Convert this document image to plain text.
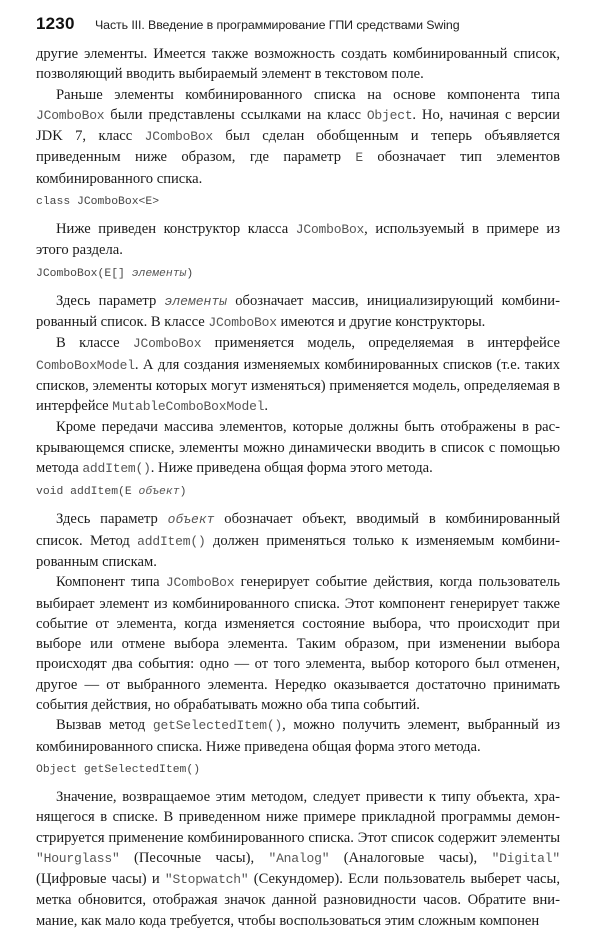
1230	Часть III. Введение в программирование ГПИ средствами Swing

другие элементы. Имеется также возможность создать комбинированный список, позволяющий вводить выбираемый элемент в текстовом поле.

Раньше элементы комбинированного списка на основе компонента типа JComboBox были представлены ссылками на класс Object. Но, начиная с версии JDK 7, класс JComboBox был сделан обобщенным и теперь объявляется приведенным ниже образом, где параметр E обозначает тип элементов комбинированного списка.

class JComboBox<E>

Ниже приведен конструктор класса JComboBox, используемый в примере из этого раздела.

JComboBox(E[] элементы)

Здесь параметр элементы обозначает массив, инициализирующий комбинированный список. В классе JComboBox имеются и другие конструкторы.

В классе JComboBox применяется модель, определяемая в интерфейсе ComboBoxModel. А для создания изменяемых комбинированных списков (т.е. таких списков, элементы которых могут изменяться) применяется модель, определяемая в интерфейсе MutableComboBoxModel.

Кроме передачи массива элементов, которые должны быть отображены в раскрывающемся списке, элементы можно динамически вводить в список с помощью метода addItem(). Ниже приведена общая форма этого метода.

void addItem(E объект)

Здесь параметр объект обозначает объект, вводимый в комбинированный список. Метод addItem() должен применяться только к изменяемым комбинированным спискам.

Компонент типа JComboBox генерирует событие действия, когда пользователь выбирает элемент из комбинированного списка. Этот компонент генерирует также событие от элемента, когда изменяется состояние выбора, что происходит при выборе или отмене выбора элемента. Таким образом, при изменении выбора происходят два события: одно — от того элемента, выбор которого был отменен, другое — от выбранного элемента. Нередко оказывается достаточно принимать события действия, но обрабатывать можно оба типа событий.

Вызвав метод getSelectedItem(), можно получить элемент, выбранный из комбинированного списка. Ниже приведена общая форма этого метода.

Object getSelectedItem()

Значение, возвращаемое этим методом, следует привести к типу объекта, хранящегося в списке. В приведенном ниже примере прикладной программы демонстрируется применение комбинированного списка. Этот список содержит элементы "Hourglass" (Песочные часы), "Analog" (Аналоговые часы), "Digital" (Цифровые часы) и "Stopwatch" (Секундомер). Если пользователь выберет часы, метка обновится, отображая значок данной разновидности часов. Обратите внимание, как мало кода требуется, чтобы воспользоваться этим сложным компонен
